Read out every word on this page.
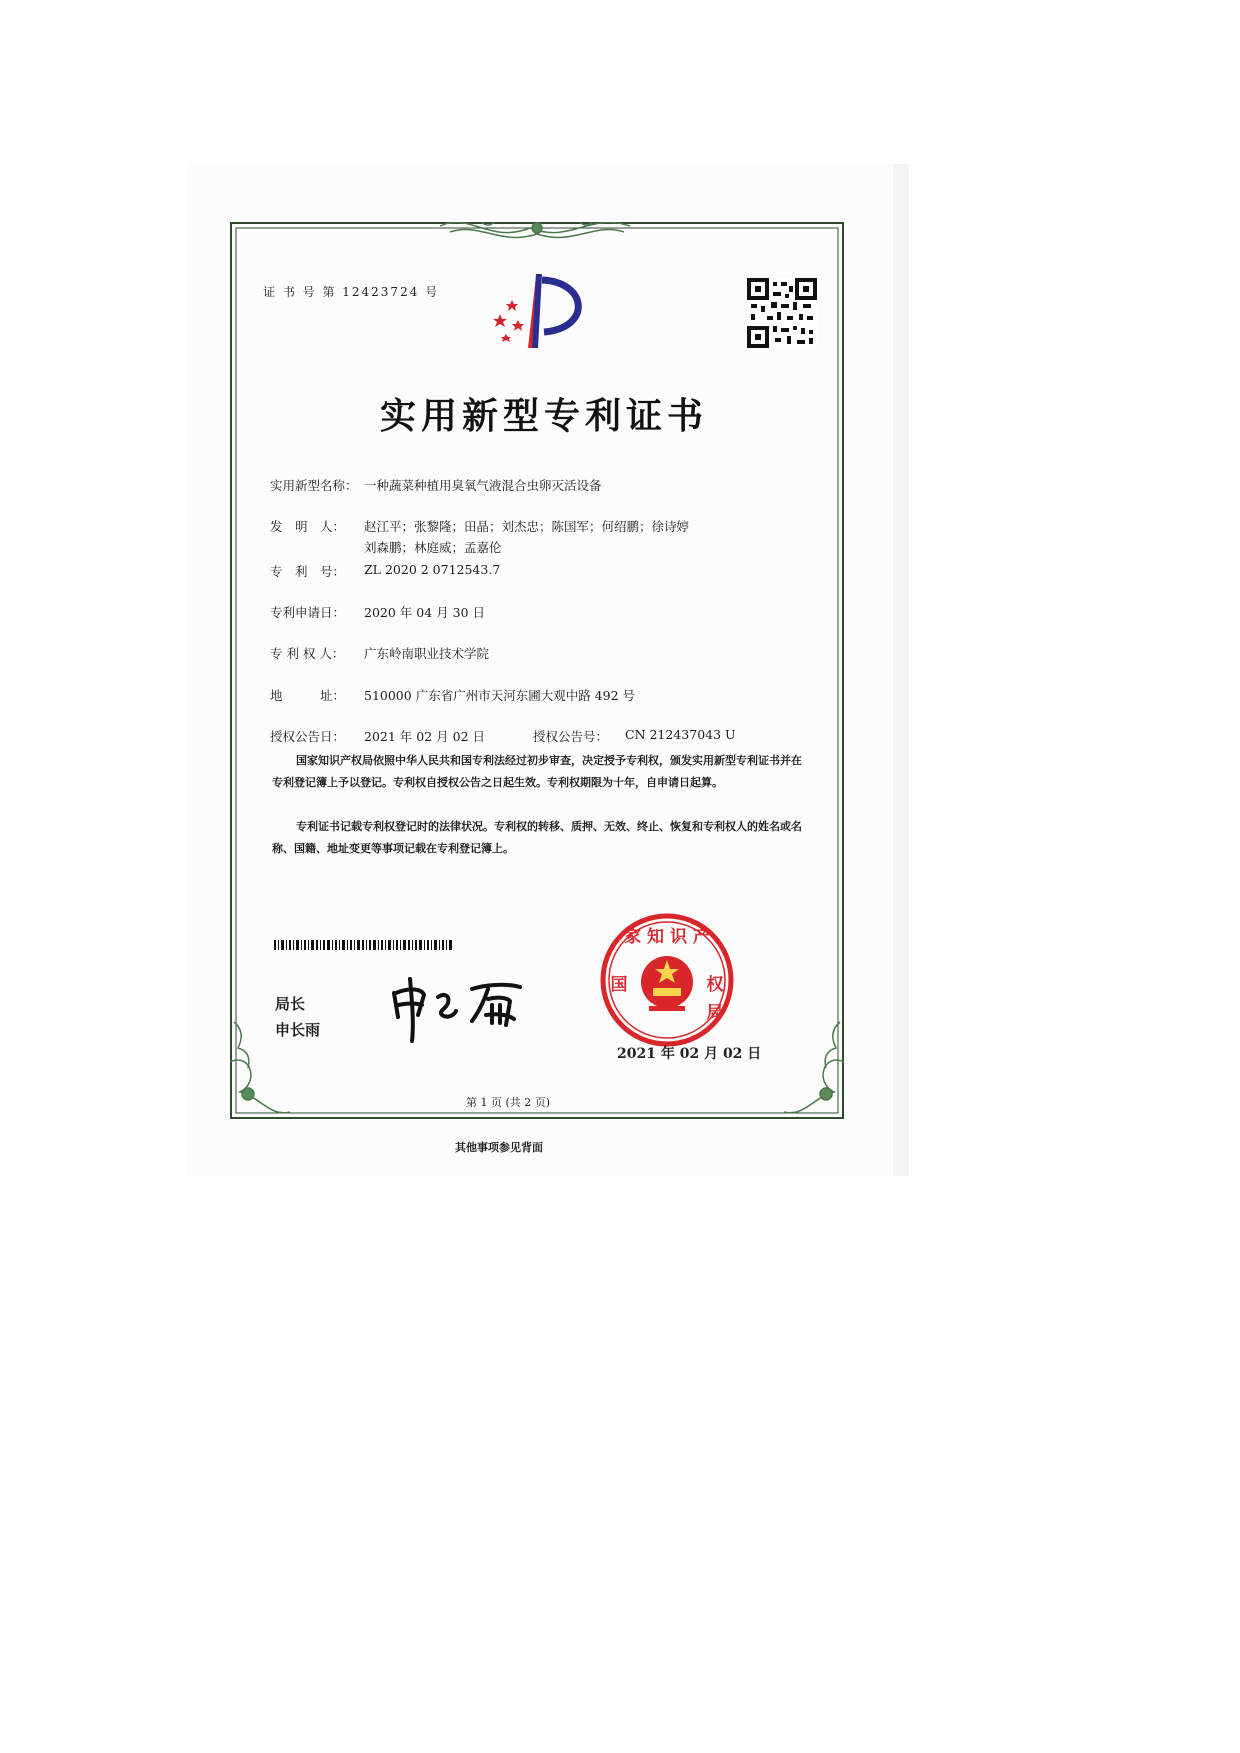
证 书 号 第 12423724 号
实用新型专利证书
实用新型名称： 一种蔬菜种植用臭氧气液混合虫卵灭活设备
发　明　人： 赵江平；张黎隆；田晶；刘杰忠；陈国军；何绍鹏；徐诗婷
刘森鹏；林庭威；孟嘉伦
专　利　号： ZL 2020 2 0712543.7
专利申请日： 2020 年 04 月 30 日
专 利 权 人： 广东岭南职业技术学院
地　　　址： 510000 广东省广州市天河东圃大观中路 492 号
授权公告日： 2021 年 02 月 02 日	授权公告号： CN 212437043 U
国家知识产权局依照中华人民共和国专利法经过初步审查，决定授予专利权，颁发实用新型专利证书并在专利登记簿上予以登记。专利权自授权公告之日起生效。专利权期限为十年，自申请日起算。
专利证书记载专利权登记时的法律状况。专利权的转移、质押、无效、终止、恢复和专利权人的姓名或名称、国籍、地址变更等事项记载在专利登记簿上。
局长
申长雨
家 知 识 产
国	权
局
2021 年 02 月 02 日
第 1 页 (共 2 页)
其他事项参见背面
